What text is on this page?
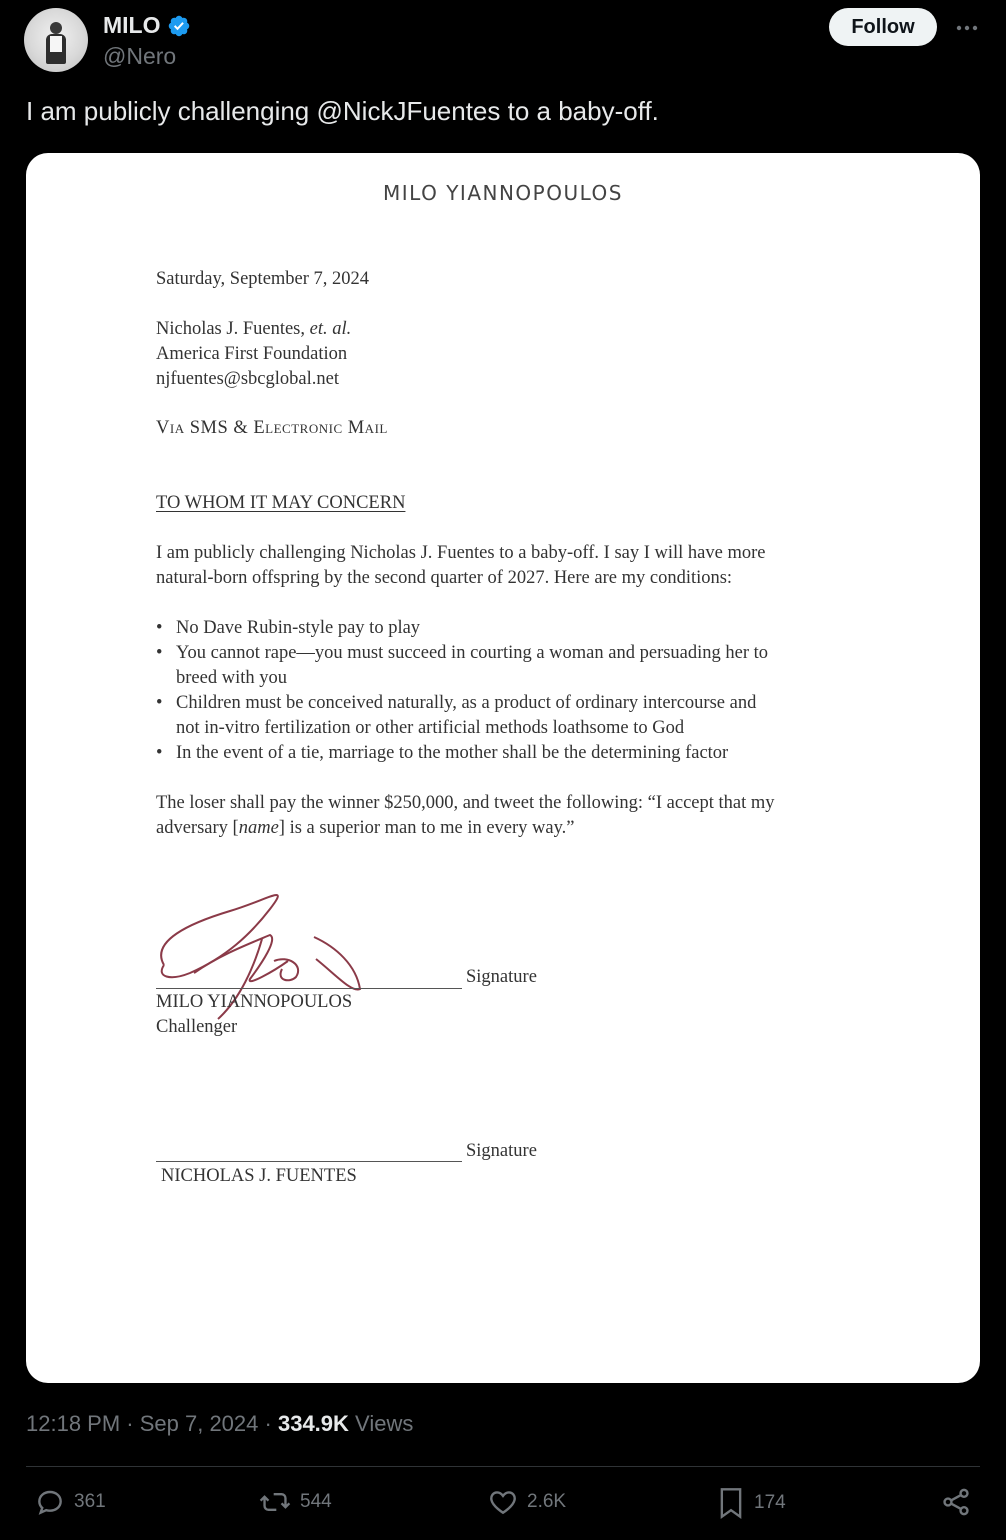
MILO
@Nero
Follow
I am publicly challenging @NickJFuentes to a baby-off.
MILO YIANNOPOULOS
Saturday, September 7, 2024
Nicholas J. Fuentes, et. al.
America First Foundation
njfuentes@sbcglobal.net
Via SMS & Electronic Mail
TO WHOM IT MAY CONCERN
I am publicly challenging Nicholas J. Fuentes to a baby-off. I say I will have more
natural-born offspring by the second quarter of 2027. Here are my conditions:
• No Dave Rubin-style pay to play
• You cannot rape—you must succeed in courting a woman and persuading her to
breed with you
• Children must be conceived naturally, as a product of ordinary intercourse and
not in-vitro fertilization or other artificial methods loathsome to God
• In the event of a tie, marriage to the mother shall be the determining factor
The loser shall pay the winner $250,000, and tweet the following: “I accept that my
adversary [name] is a superior man to me in every way.”
Signature
MILO YIANNOPOULOS
Challenger
Signature
NICHOLAS J. FUENTES
12:18 PM · Sep 7, 2024 · 334.9K Views
361	544	2.6K	174
